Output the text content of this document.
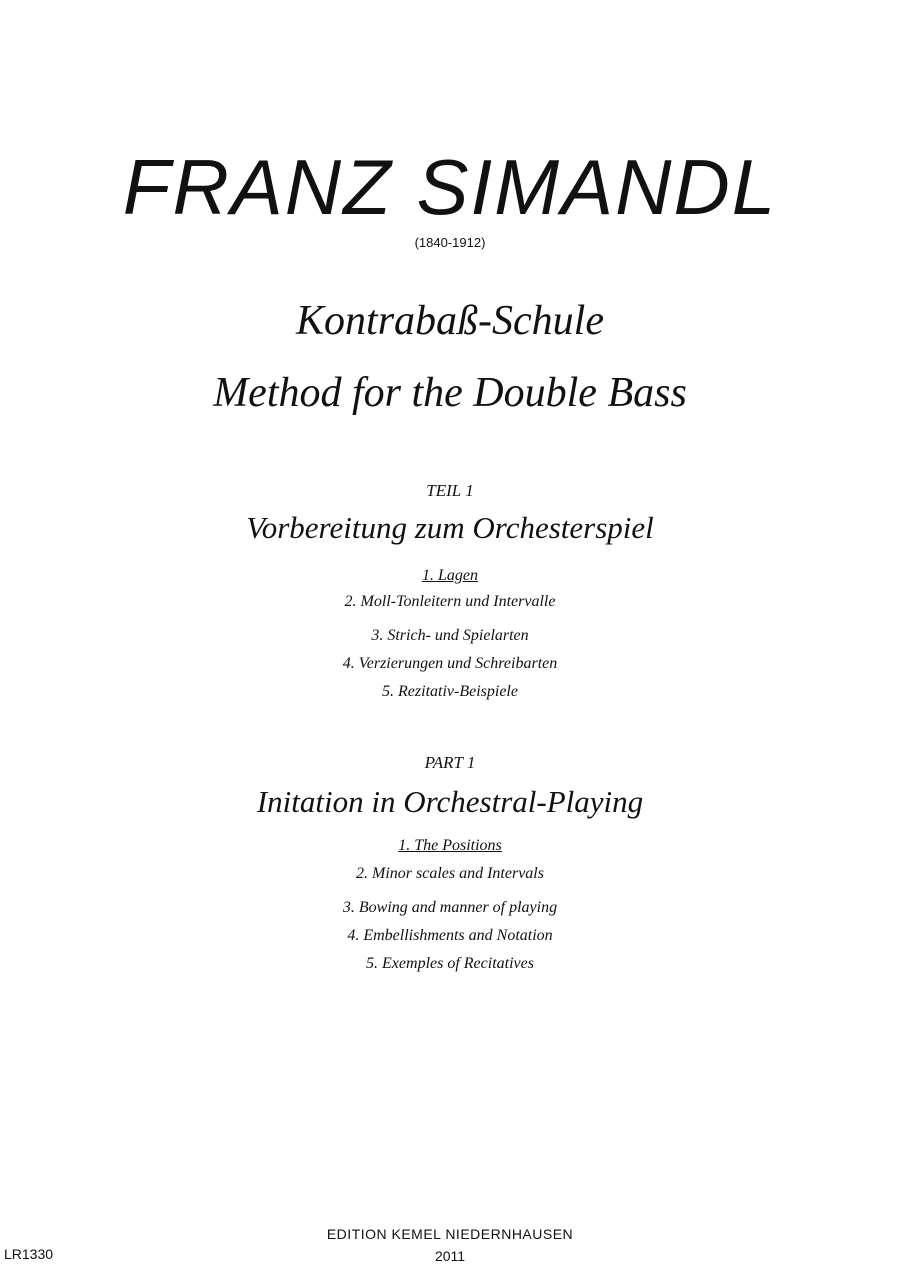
FRANZ SIMANDL
(1840-1912)
Kontrabaß-Schule
Method for the Double Bass
TEIL 1
Vorbereitung zum Orchesterspiel
1. Lagen
2. Moll-Tonleitern und Intervalle
3. Strich- und Spielarten
4. Verzierungen und Schreibarten
5. Rezitativ-Beispiele
PART 1
Initation in Orchestral-Playing
1. The Positions
2. Minor scales and Intervals
3. Bowing and manner of playing
4. Embellishments and Notation
5. Exemples of Recitatives
EDITION KEMEL NIEDERNHAUSEN
2011
LR1330
